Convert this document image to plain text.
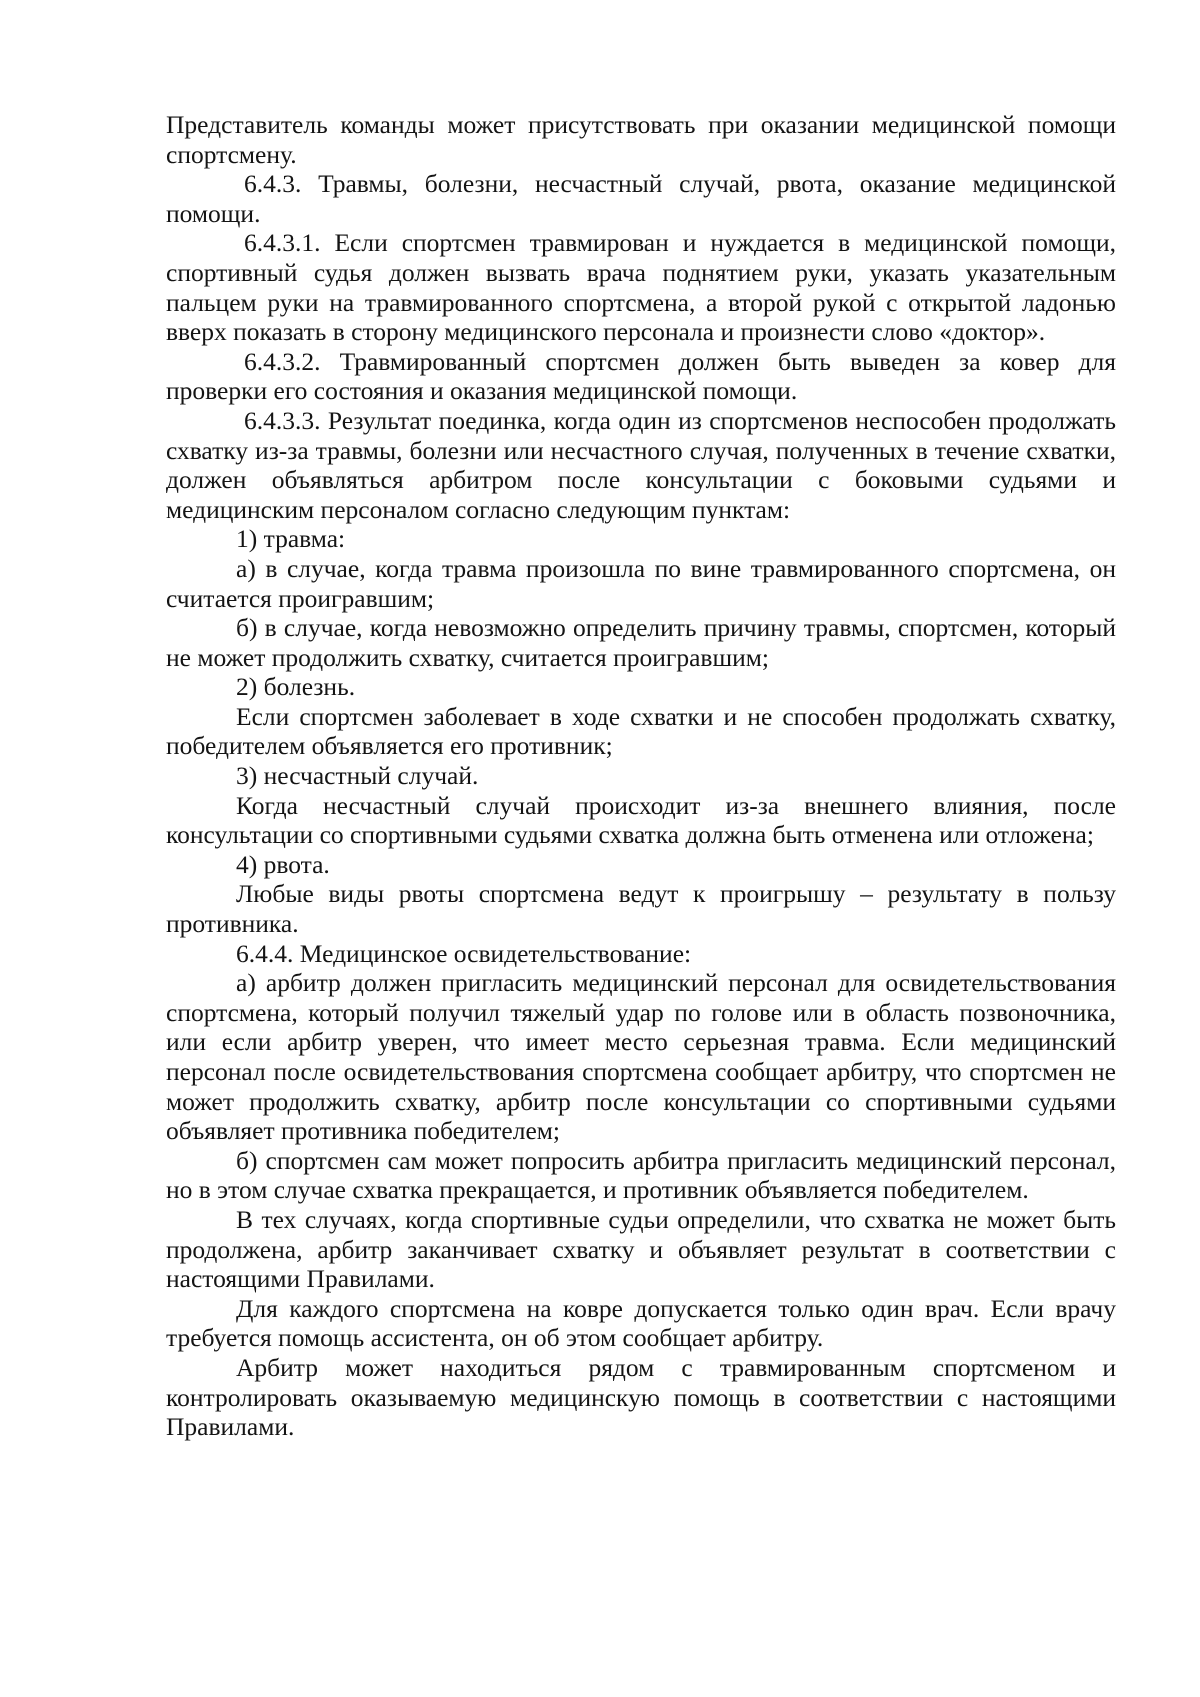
Представитель команды может присутствовать при оказании медицинской помощи спортсмену.

6.4.3. Травмы, болезни, несчастный случай, рвота, оказание медицинской помощи.

6.4.3.1. Если спортсмен травмирован и нуждается в медицинской помощи, спортивный судья должен вызвать врача поднятием руки, указать указательным пальцем руки на травмированного спортсмена, а второй рукой с открытой ладонью вверх показать в сторону медицинского персонала и произнести слово «доктор».

6.4.3.2. Травмированный спортсмен должен быть выведен за ковер для проверки его состояния и оказания медицинской помощи.

6.4.3.3. Результат поединка, когда один из спортсменов неспособен продолжать схватку из-за травмы, болезни или несчастного случая, полученных в течение схватки, должен объявляться арбитром после консультации с боковыми судьями и медицинским персоналом согласно следующим пунктам:

1) травма:

а) в случае, когда травма произошла по вине травмированного спортсмена, он считается проигравшим;

б) в случае, когда невозможно определить причину травмы, спортсмен, который не может продолжить схватку, считается проигравшим;

2) болезнь.

Если спортсмен заболевает в ходе схватки и не способен продолжать схватку, победителем объявляется его противник;

3) несчастный случай.

Когда несчастный случай происходит из-за внешнего влияния, после консультации со спортивными судьями схватка должна быть отменена или отложена;

4) рвота.

Любые виды рвоты спортсмена ведут к проигрышу – результату в пользу противника.

6.4.4. Медицинское освидетельствование:

а) арбитр должен пригласить медицинский персонал для освидетельствования спортсмена, который получил тяжелый удар по голове или в область позвоночника, или если арбитр уверен, что имеет место серьезная травма. Если медицинский персонал после освидетельствования спортсмена сообщает арбитру, что спортсмен не может продолжить схватку, арбитр после консультации со спортивными судьями объявляет противника победителем;

б) спортсмен сам может попросить арбитра пригласить медицинский персонал, но в этом случае схватка прекращается, и противник объявляется победителем.

В тех случаях, когда спортивные судьи определили, что схватка не может быть продолжена, арбитр заканчивает схватку и объявляет результат в соответствии с настоящими Правилами.

Для каждого спортсмена на ковре допускается только один врач. Если врачу требуется помощь ассистента, он об этом сообщает арбитру.

Арбитр может находиться рядом с травмированным спортсменом и контролировать оказываемую медицинскую помощь в соответствии с настоящими Правилами.
